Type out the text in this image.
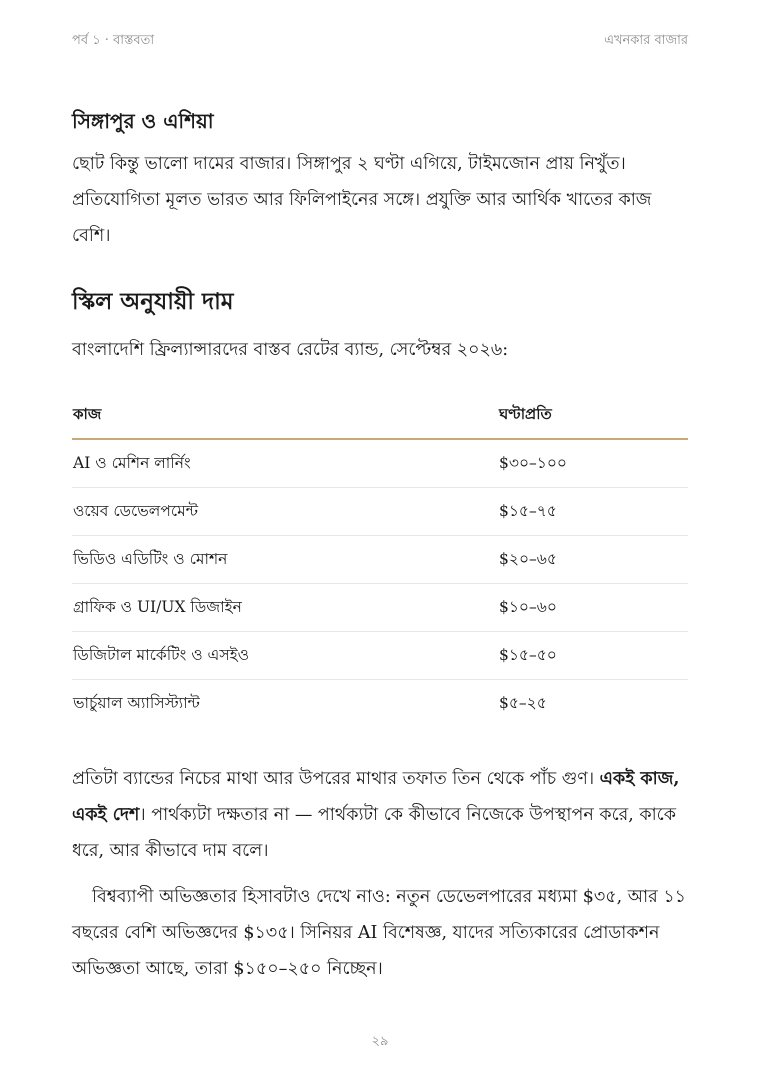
পর্ব ১ · বাস্তবতা	এখনকার বাজার
সিঙ্গাপুর ও এশিয়া

ছোট কিন্তু ভালো দামের বাজার। সিঙ্গাপুর ২ ঘণ্টা এগিয়ে, টাইমজোন প্রায় নিখুঁত। প্রতিযোগিতা মূলত ভারত আর ফিলিপাইনের সঙ্গে। প্রযুক্তি আর আর্থিক খাতের কাজ বেশি।

স্কিল অনুযায়ী দাম

বাংলাদেশি ফ্রিল্যান্সারদের বাস্তব রেটের ব্যান্ড, সেপ্টেম্বর ২০২৬:

কাজ	ঘণ্টাপ্রতি
AI ও মেশিন লার্নিং	$৩০–১০০
ওয়েব ডেভেলপমেন্ট	$১৫–৭৫
ভিডিও এডিটিং ও মোশন	$২০–৬৫
গ্রাফিক ও UI/UX ডিজাইন	$১০–৬০
ডিজিটাল মার্কেটিং ও এসইও	$১৫–৫০
ভার্চুয়াল অ্যাসিস্ট্যান্ট	$৫–২৫

প্রতিটা ব্যান্ডের নিচের মাথা আর উপরের মাথার তফাত তিন থেকে পাঁচ গুণ। একই কাজ, একই দেশ। পার্থক্যটা দক্ষতার না — পার্থক্যটা কে কীভাবে নিজেকে উপস্থাপন করে, কাকে ধরে, আর কীভাবে দাম বলে।

বিশ্বব্যাপী অভিজ্ঞতার হিসাবটাও দেখে নাও: নতুন ডেভেলপারের মধ্যমা $৩৫, আর ১১ বছরের বেশি অভিজ্ঞদের $১৩৫। সিনিয়র AI বিশেষজ্ঞ, যাদের সত্যিকারের প্রোডাকশন অভিজ্ঞতা আছে, তারা $১৫০–২৫০ নিচ্ছেন।

২৯
